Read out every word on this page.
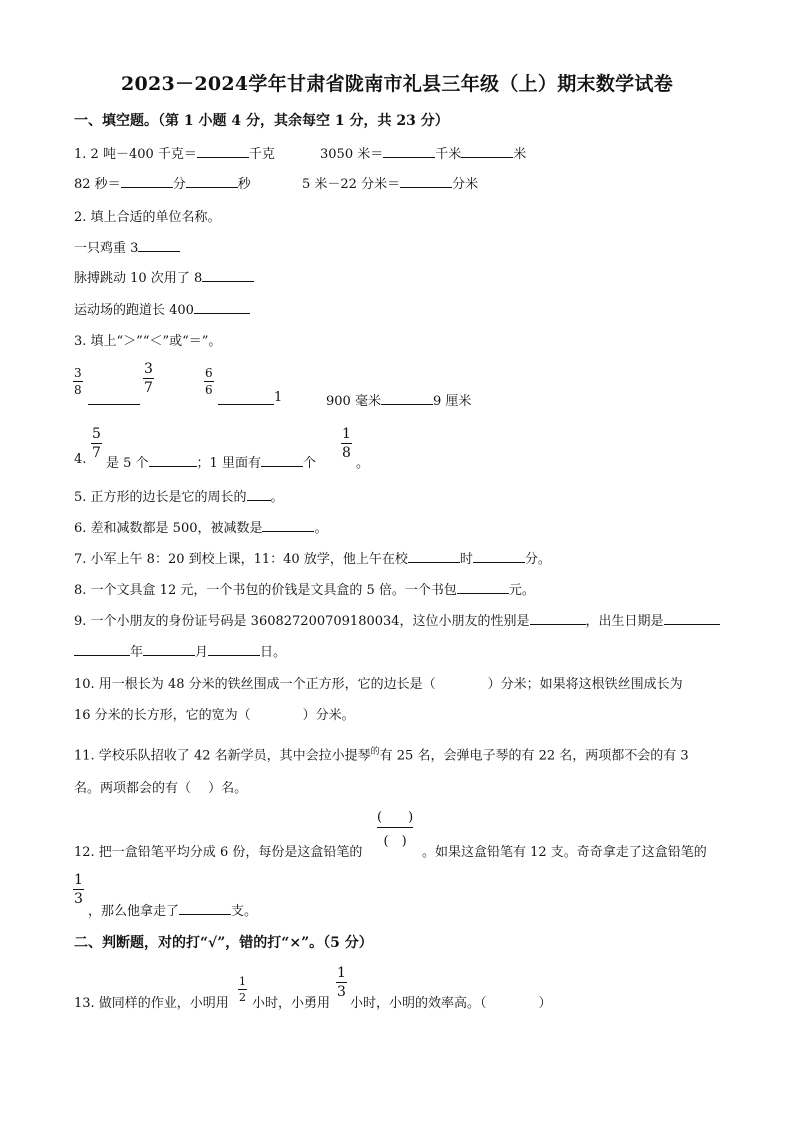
2023－2024学年甘肃省陇南市礼县三年级（上）期末数学试卷
一、填空题。（第 1 小题 4 分，其余每空 1 分，共 23 分）
1. 2 吨－400 千克＝	千克	3050 米＝	千米	米
82 秒＝	分	秒	5 米－22 分米＝	分米
2. 填上合适的单位名称。
一只鸡重 3
脉搏跳动 10 次用了 8
运动场的跑道长 400
3. 填上“＞”“＜”或“＝”。
$\frac{3}{8}$	$\frac{3}{7}$	$\frac{6}{6}$
1	900 毫米	9 厘米
4. $\frac{5}{7}$
是 5 个	；1 里面有	个
$\frac{1}{8}$
。
5. 正方形的边长是它的周长的 。
6. 差和减数都是 500，被减数是	。
7. 小军上午 8：20 到校上课，11：40 放学，他上午在校	时	分。
8. 一个文具盒 12 元，一个书包的价钱是文具盒的 5 倍。一个书包	元。
9. 一个小朋友的身份证号码是 360827200709180034，这位小朋友的性别是	，出生日期是
年	月	日。
10. 用一根长为 48 分米的铁丝围成一个正方形，它的边长是（　　　　）分米；如果将这根铁丝围成长为
16 分米的长方形，它的宽为（　　　　）分米。
11. 学校乐队招收了 42 名新学员，其中会拉小提琴$^的$有 25 名，会弹电子琴的有 22 名，两项都不会的有 3
名。两项都会的有（　 ）名。
12. 把一盒铅笔平均分成 6 份，每份是这盒铅笔的
(　　)
(　)
。如果这盒铅笔有 12 支。奇奇拿走了这盒铅笔的
$\frac{1}{3}$
，那么他拿走了	支。
二、判断题，对的打“√”，错的打“×”。（5 分）
13. 做同样的作业，小明用
$\frac{1}{2}$
小时，小勇用
$\frac{1}{3}$
小时，小明的效率高。（　　　　）
